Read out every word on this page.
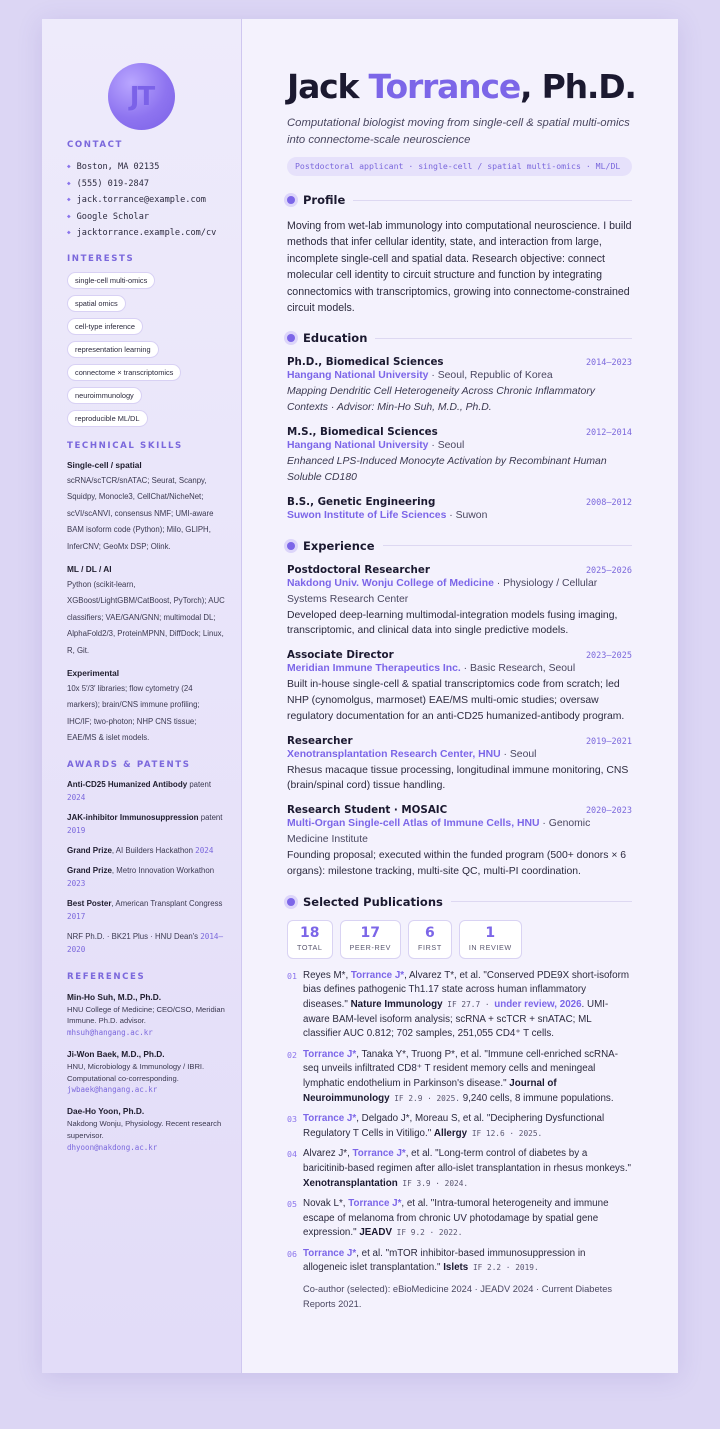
JT
CONTACT
◆ Boston, MA 02135
◆ (555) 019-2847
◆ jack.torrance@example.com
◆ Google Scholar
◆ jacktorrance.example.com/cv
INTERESTS
single-cell multi-omics
spatial omics
cell-type inference
representation learning
connectome × transcriptomics
neuroimmunology
reproducible ML/DL
TECHNICAL SKILLS
Single-cell / spatial
scRNA/scTCR/snATAC; Seurat, Scanpy, Squidpy, Monocle3, CellChat/NicheNet; scVI/scANVI, consensus NMF; UMI-aware BAM isoform code (Python); Milo, GLIPH, InferCNV; GeoMx DSP; Olink.
ML / DL / AI
Python (scikit-learn, XGBoost/LightGBM/CatBoost, PyTorch); AUC classifiers; VAE/GAN/GNN; multimodal DL; AlphaFold2/3, ProteinMPNN, DiffDock; Linux, R, Git.
Experimental
10x 5′/3′ libraries; flow cytometry (24 markers); brain/CNS immune profiling; IHC/IF; two-photon; NHP CNS tissue; EAE/MS & islet models.
AWARDS & PATENTS
Anti-CD25 Humanized Antibody patent 2024
JAK-inhibitor Immunosuppression patent 2019
Grand Prize, AI Builders Hackathon 2024
Grand Prize, Metro Innovation Workathon 2023
Best Poster, American Transplant Congress 2017
NRF Ph.D. · BK21 Plus · HNU Dean's 2014–2020
REFERENCES
Min-Ho Suh, M.D., Ph.D.
HNU College of Medicine; CEO/CSO, Meridian Immune. Ph.D. advisor.
mhsuh@hangang.ac.kr
Ji-Won Baek, M.D., Ph.D.
HNU, Microbiology & Immunology / IBRI. Computational co-corresponding.
jwbaek@hangang.ac.kr
Dae-Ho Yoon, Ph.D.
Nakdong Wonju, Physiology. Recent research supervisor.
dhyoon@nakdong.ac.kr
Jack Torrance, Ph.D.
Computational biologist moving from single-cell & spatial multi-omics into connectome-scale neuroscience
Postdoctoral applicant · single-cell / spatial multi-omics · ML/DL
Profile
Moving from wet-lab immunology into computational neuroscience. I build methods that infer cellular identity, state, and interaction from large, incomplete single-cell and spatial data. Research objective: connect molecular cell identity to circuit structure and function by integrating connectomics with transcriptomics, growing into connectome-constrained circuit models.
Education
Ph.D., Biomedical Sciences	2014–2023
Hangang National University · Seoul, Republic of Korea
Mapping Dendritic Cell Heterogeneity Across Chronic Inflammatory Contexts · Advisor: Min-Ho Suh, M.D., Ph.D.
M.S., Biomedical Sciences	2012–2014
Hangang National University · Seoul
Enhanced LPS-Induced Monocyte Activation by Recombinant Human Soluble CD180
B.S., Genetic Engineering	2008–2012
Suwon Institute of Life Sciences · Suwon
Experience
Postdoctoral Researcher	2025–2026
Nakdong Univ. Wonju College of Medicine · Physiology / Cellular Systems Research Center
Developed deep-learning multimodal-integration models fusing imaging, transcriptomic, and clinical data into single predictive models.
Associate Director	2023–2025
Meridian Immune Therapeutics Inc. · Basic Research, Seoul
Built in-house single-cell & spatial transcriptomics code from scratch; led NHP (cynomolgus, marmoset) EAE/MS multi-omic studies; oversaw regulatory documentation for an anti-CD25 humanized-antibody program.
Researcher	2019–2021
Xenotransplantation Research Center, HNU · Seoul
Rhesus macaque tissue processing, longitudinal immune monitoring, CNS (brain/spinal cord) tissue handling.
Research Student · MOSAIC	2020–2023
Multi-Organ Single-cell Atlas of Immune Cells, HNU · Genomic Medicine Institute
Founding proposal; executed within the funded program (500+ donors × 6 organs): milestone tracking, multi-site QC, multi-PI coordination.
Selected Publications
18
TOTAL
17
PEER-REV
6
FIRST
1
IN REVIEW
01 Reyes M*, Torrance J*, Alvarez T*, et al. "Conserved PDE9X short-isoform bias defines pathogenic Th1.17 state across human inflammatory diseases." Nature Immunology IF 27.7 · under review, 2026. UMI-aware BAM-level isoform analysis; scRNA + scTCR + snATAC; ML classifier AUC 0.812; 702 samples, 251,055 CD4⁺ T cells.
02 Torrance J*, Tanaka Y*, Truong P*, et al. "Immune cell-enriched scRNA-seq unveils infiltrated CD8⁺ T resident memory cells and meningeal lymphatic endothelium in Parkinson's disease." Journal of Neuroimmunology IF 2.9 · 2025. 9,240 cells, 8 immune populations.
03 Torrance J*, Delgado J*, Moreau S, et al. "Deciphering Dysfunctional Regulatory T Cells in Vitiligo." Allergy IF 12.6 · 2025.
04 Alvarez J*, Torrance J*, et al. "Long-term control of diabetes by a baricitinib-based regimen after allo-islet transplantation in rhesus monkeys." Xenotransplantation IF 3.9 · 2024.
05 Novak L*, Torrance J*, et al. "Intra-tumoral heterogeneity and immune escape of melanoma from chronic UV photodamage by spatial gene expression." JEADV IF 9.2 · 2022.
06 Torrance J*, et al. "mTOR inhibitor-based immunosuppression in allogeneic islet transplantation." Islets IF 2.2 · 2019.
Co-author (selected): eBioMedicine 2024 · JEADV 2024 · Current Diabetes Reports 2021.
